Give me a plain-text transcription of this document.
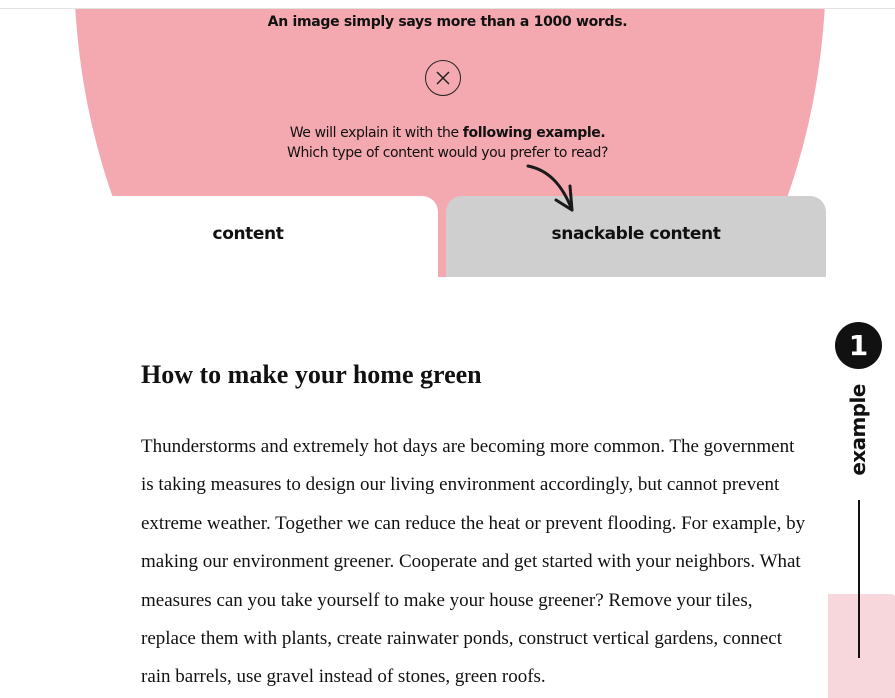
An image simply says more than a 1000 words.
We will explain it with the following example.
Which type of content would you prefer to read?
content	snackable content
How to make your home green

Thunderstorms and extremely hot days are becoming more common. The government is taking measures to design our living environment accordingly, but cannot prevent extreme weather. Together we can reduce the heat or prevent flooding. For example, by making our environment greener. Cooperate and get started with your neighbors. What measures can you take yourself to make your house greener? Remove your tiles, replace them with plants, create rainwater ponds, construct vertical gardens, connect rain barrels, use gravel instead of stones, green roofs.

1
example
